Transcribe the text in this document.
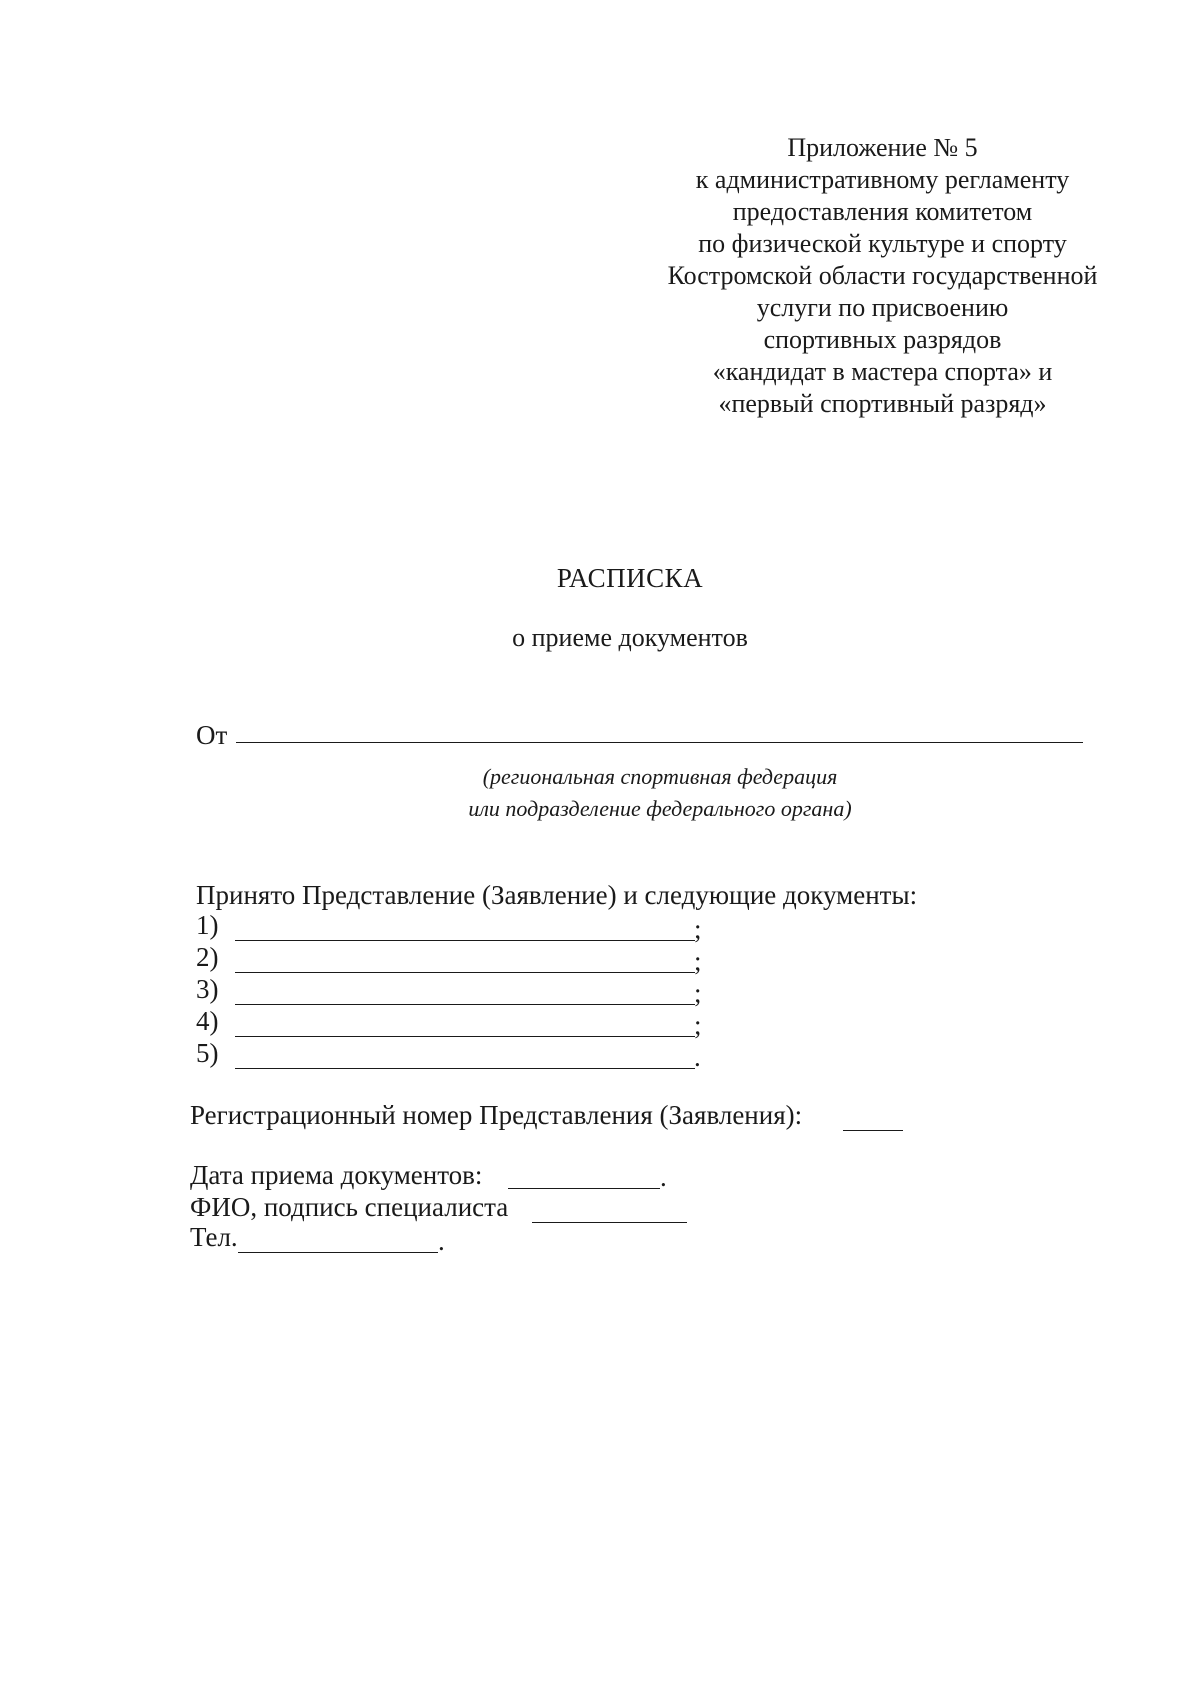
Приложение № 5
к административному регламенту
предоставления комитетом
по физической культуре и спорту
Костромской области государственной
услуги по присвоению
спортивных разрядов
«кандидат в мастера спорта» и
«первый спортивный разряд»
РАСПИСКА
о приеме документов
От
(региональная спортивная федерация
или подразделение федерального органа)
Принято Представление (Заявление) и следующие документы:
1)	;
2)	;
3)	;
4)	;
5)	.
Регистрационный номер Представления (Заявления):
Дата приема документов:	.
ФИО, подпись специалиста
Тел.	.
